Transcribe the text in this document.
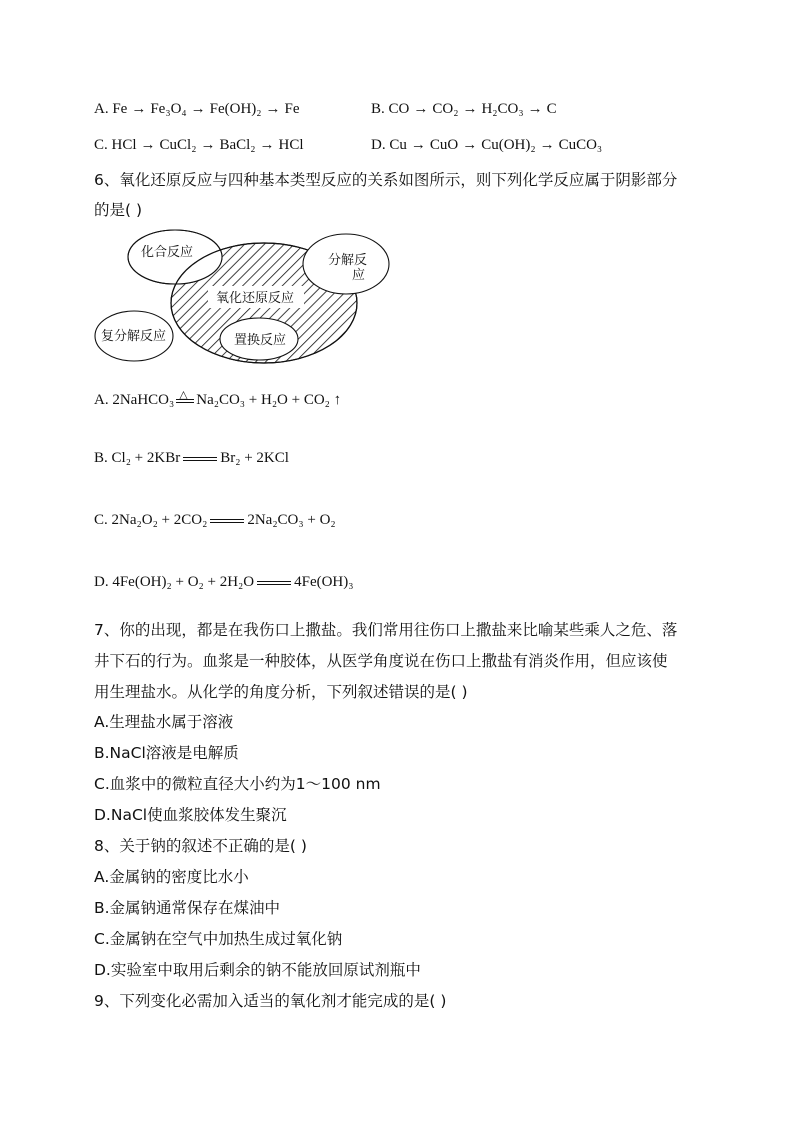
A. Fe → Fe₃O₄ → Fe(OH)₂ → Fe	B. CO → CO₂ → H₂CO₃ → C
C. HCl → CuCl₂ → BaCl₂ → HCl	D. Cu → CuO → Cu(OH)₂ → CuCO₃
6、氧化还原反应与四种基本类型反应的关系如图所示，则下列化学反应属于阴影部分
的是( )
化合反应
分解反
应
氧化还原反应
复分解反应	置换反应
A. 2NaHCO₃ △ Na₂CO₃ + H₂O + CO₂ ↑
B. Cl₂ + 2KBr	Br₂ + 2KCl
C. 2Na₂O₂ + 2CO₂	2Na₂CO₃ + O₂
D. 4Fe(OH)₂ + O₂ + 2H₂O	4Fe(OH)₃
7、你的出现，都是在我伤口上撒盐。我们常用往伤口上撒盐来比喻某些乘人之危、落
井下石的行为。血浆是一种胶体，从医学角度说在伤口上撒盐有消炎作用，但应该使
用生理盐水。从化学的角度分析，下列叙述错误的是( )
A.生理盐水属于溶液
B.NaCl溶液是电解质
C.血浆中的微粒直径大小约为1～100 nm
D.NaCl使血浆胶体发生聚沉
8、关于钠的叙述不正确的是( )
A.金属钠的密度比水小
B.金属钠通常保存在煤油中
C.金属钠在空气中加热生成过氧化钠
D.实验室中取用后剩余的钠不能放回原试剂瓶中
9、下列变化必需加入适当的氧化剂才能完成的是( )
